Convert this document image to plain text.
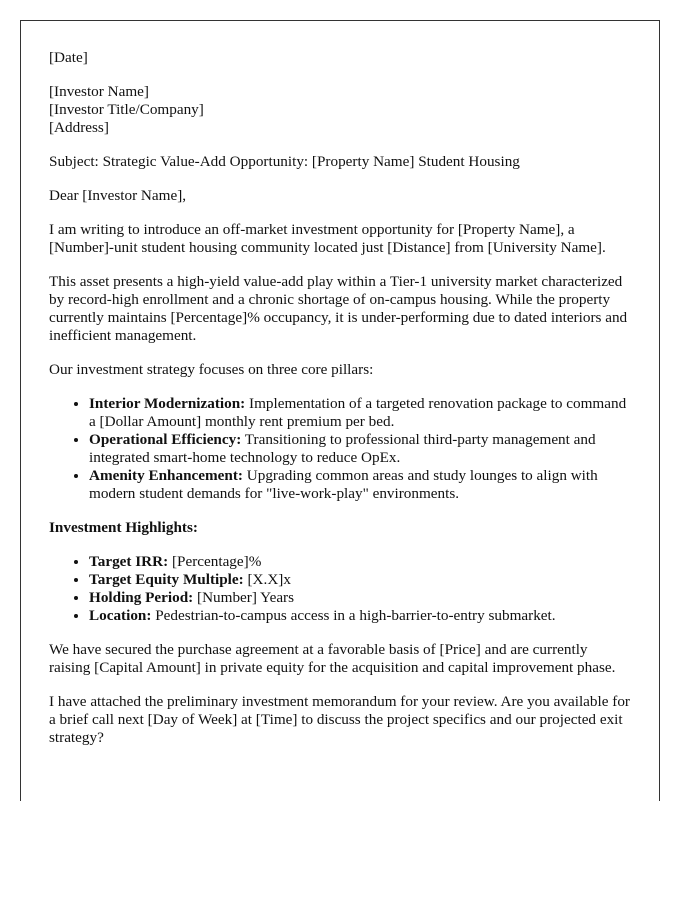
[Date]

[Investor Name]
[Investor Title/Company]
[Address]

Subject: Strategic Value-Add Opportunity: [Property Name] Student Housing

Dear [Investor Name],

I am writing to introduce an off-market investment opportunity for [Property Name], a [Number]-unit student housing community located just [Distance] from [University Name].

This asset presents a high-yield value-add play within a Tier-1 university market characterized by record-high enrollment and a chronic shortage of on-campus housing. While the property currently maintains [Percentage]% occupancy, it is under-performing due to dated interiors and inefficient management.

Our investment strategy focuses on three core pillars:

• Interior Modernization: Implementation of a targeted renovation package to command a [Dollar Amount] monthly rent premium per bed.
• Operational Efficiency: Transitioning to professional third-party management and integrated smart-home technology to reduce OpEx.
• Amenity Enhancement: Upgrading common areas and study lounges to align with modern student demands for "live-work-play" environments.

Investment Highlights:

• Target IRR: [Percentage]%
• Target Equity Multiple: [X.X]x
• Holding Period: [Number] Years
• Location: Pedestrian-to-campus access in a high-barrier-to-entry submarket.

We have secured the purchase agreement at a favorable basis of [Price] and are currently raising [Capital Amount] in private equity for the acquisition and capital improvement phase.

I have attached the preliminary investment memorandum for your review. Are you available for a brief call next [Day of Week] at [Time] to discuss the project specifics and our projected exit strategy?
